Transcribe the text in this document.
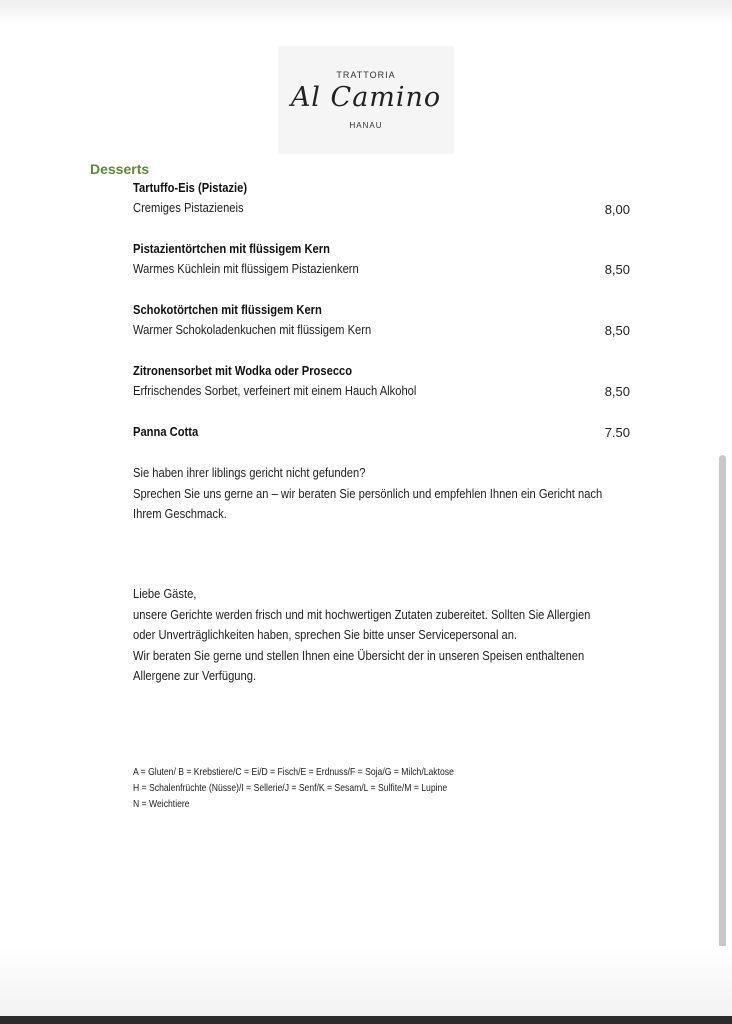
TRATTORIA
Al Camino
HANAU
Desserts
Tartuffo-Eis (Pistazie)
Cremiges Pistazieneis	8,00
Pistazientörtchen mit flüssigem Kern
Warmes Küchlein mit flüssigem Pistazienkern	8,50
Schokotörtchen mit flüssigem Kern
Warmer Schokoladenkuchen mit flüssigem Kern	8,50
Zitronensorbet mit Wodka oder Prosecco
Erfrischendes Sorbet, verfeinert mit einem Hauch Alkohol	8,50
Panna Cotta	7.50
Sie haben ihrer liblings gericht nicht gefunden?
Sprechen Sie uns gerne an – wir beraten Sie persönlich und empfehlen Ihnen ein Gericht nach
Ihrem Geschmack.
Liebe Gäste,
unsere Gerichte werden frisch und mit hochwertigen Zutaten zubereitet. Sollten Sie Allergien
oder Unverträglichkeiten haben, sprechen Sie bitte unser Servicepersonal an.
Wir beraten Sie gerne und stellen Ihnen eine Übersicht der in unseren Speisen enthaltenen
Allergene zur Verfügung.
A = Gluten/ B = Krebstiere/C = Ei/D = Fisch/E = Erdnuss/F = Soja/G = Milch/Laktose
H = Schalenfrüchte (Nüsse)/I = Sellerie/J = Senf/K = Sesam/L = Sulfite/M = Lupine
N = Weichtiere
